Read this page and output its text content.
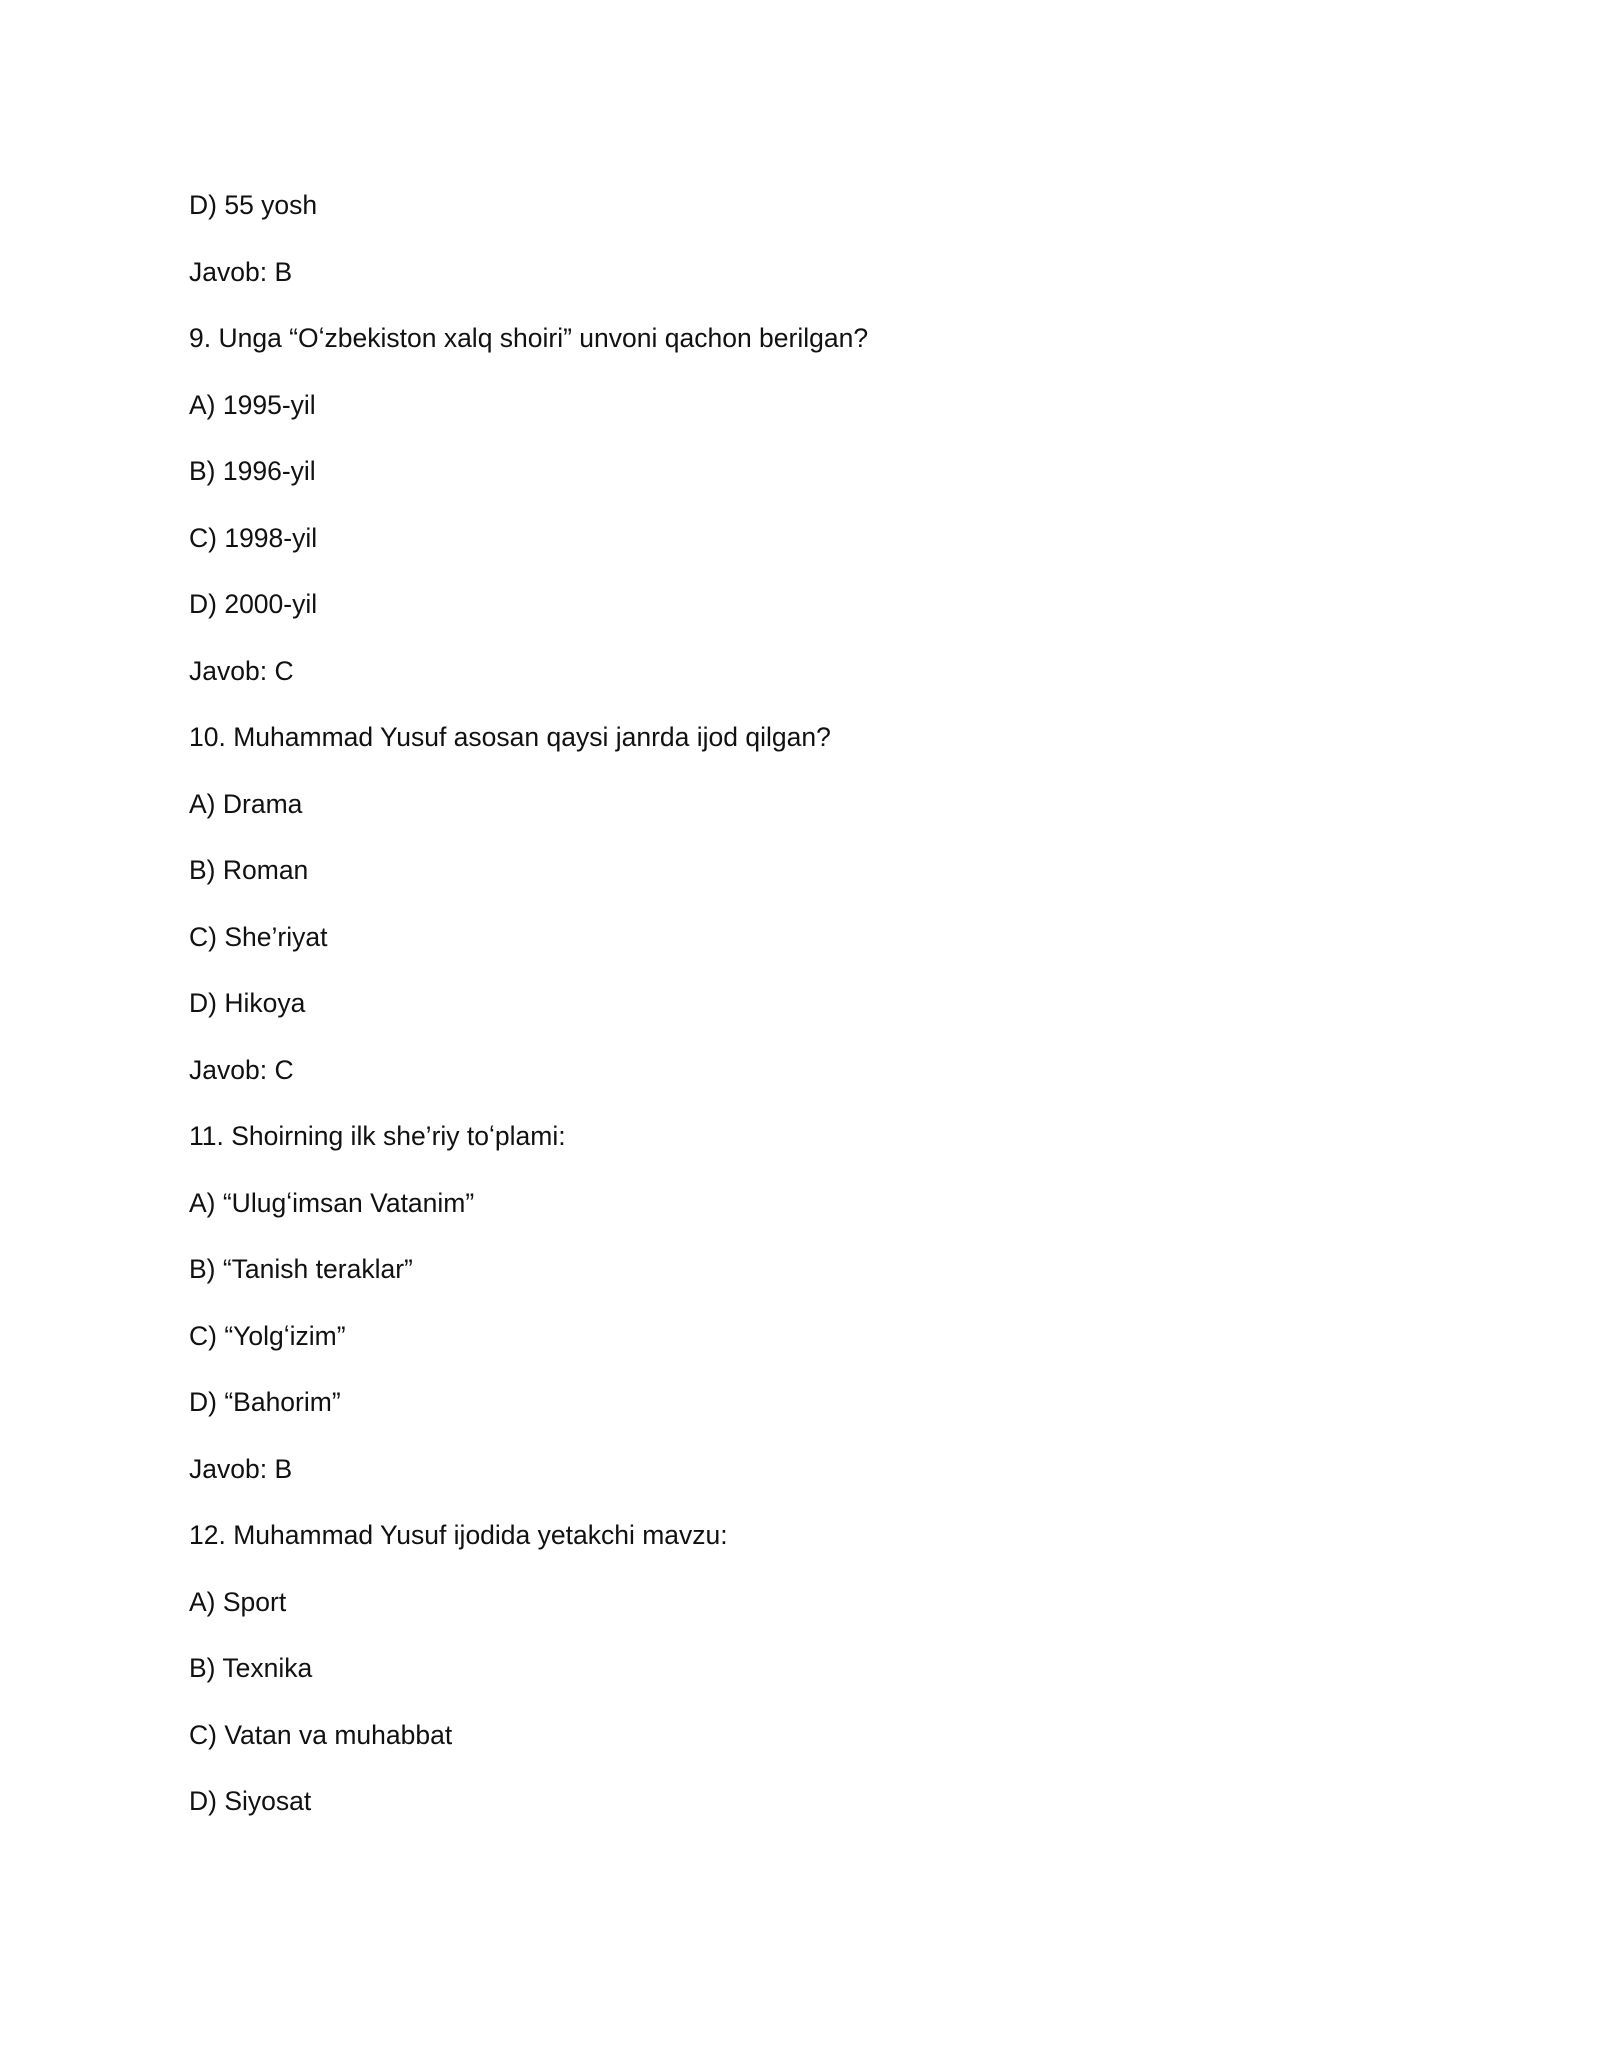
D) 55 yosh
Javob: B
9. Unga “Oʻzbekiston xalq shoiri” unvoni qachon berilgan?
A) 1995-yil
B) 1996-yil
C) 1998-yil
D) 2000-yil
Javob: C
10. Muhammad Yusuf asosan qaysi janrda ijod qilgan?
A) Drama
B) Roman
C) She’riyat
D) Hikoya
Javob: C
11. Shoirning ilk she’riy toʻplami:
A) “Ulugʻimsan Vatanim”
B) “Tanish teraklar”
C) “Yolgʻizim”
D) “Bahorim”
Javob: B
12. Muhammad Yusuf ijodida yetakchi mavzu:
A) Sport
B) Texnika
C) Vatan va muhabbat
D) Siyosat
